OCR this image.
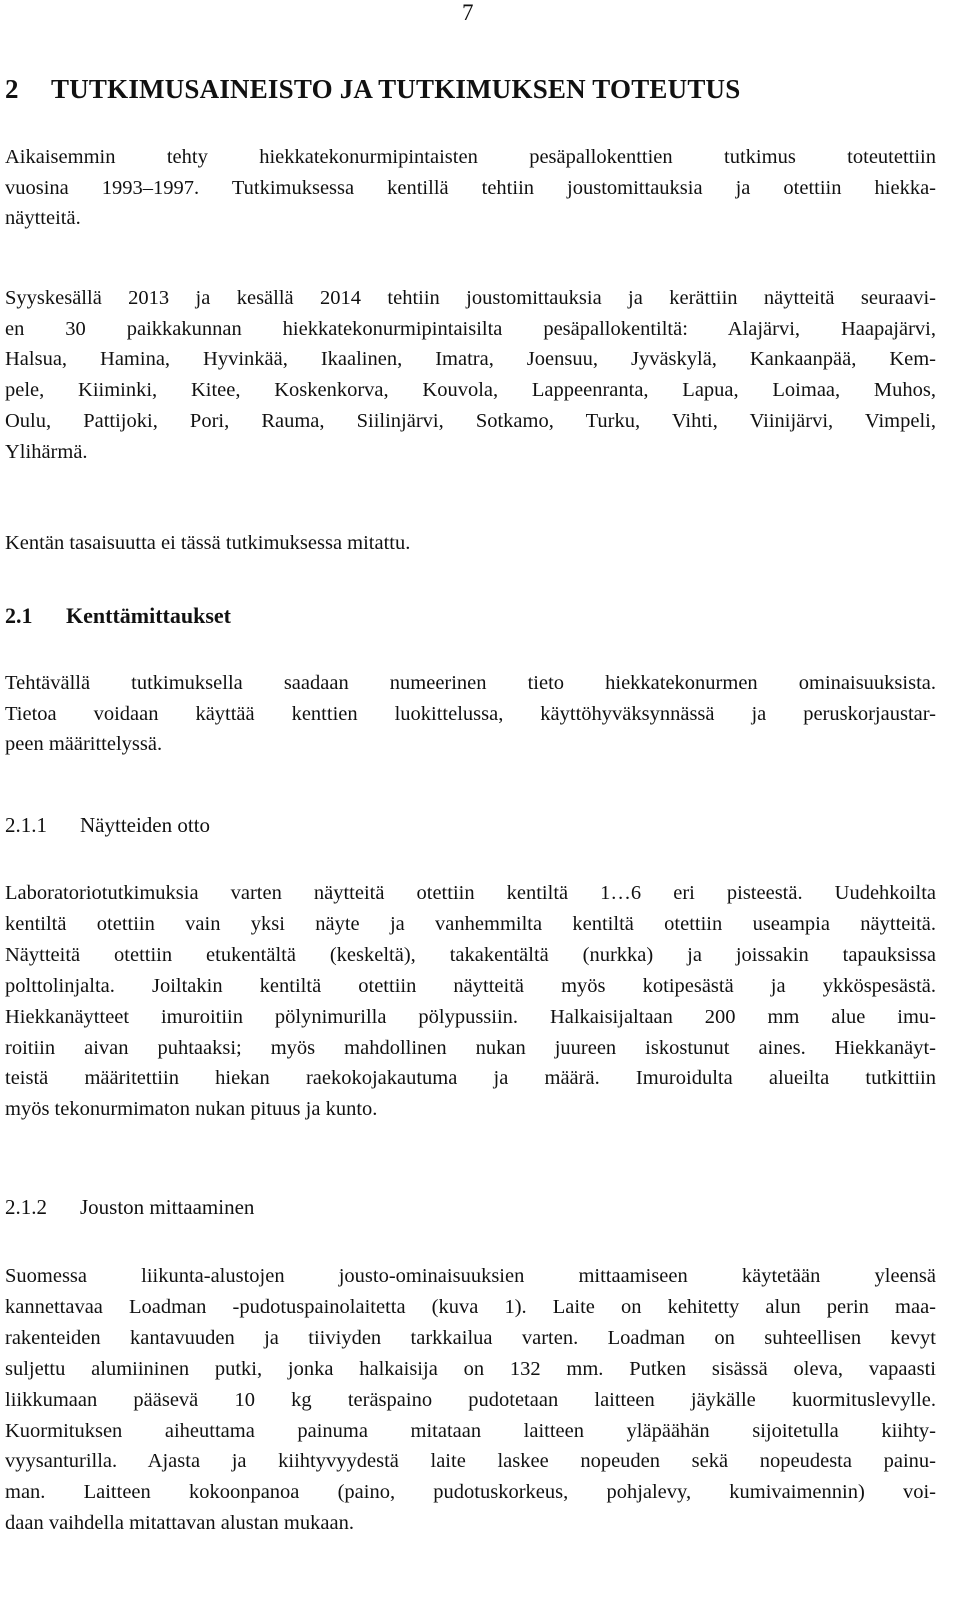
7
2 TUTKIMUSAINEISTO JA TUTKIMUKSEN TOTEUTUS

Aikaisemmin tehty hiekkatekonurmipintaisten pesäpallokenttien tutkimus toteutettiin
vuosina 1993–1997. Tutkimuksessa kentillä tehtiin joustomittauksia ja otettiin hiekka-
näytteitä.

Syyskesällä 2013 ja kesällä 2014 tehtiin joustomittauksia ja kerättiin näytteitä seuraavi-
en 30 paikkakunnan hiekkatekonurmipintaisilta pesäpallokentiltä: Alajärvi, Haapajärvi,
Halsua, Hamina, Hyvinkää, Ikaalinen, Imatra, Joensuu, Jyväskylä, Kankaanpää, Kem-
pele, Kiiminki, Kitee, Koskenkorva, Kouvola, Lappeenranta, Lapua, Loimaa, Muhos,
Oulu, Pattijoki, Pori, Rauma, Siilinjärvi, Sotkamo, Turku, Vihti, Viinijärvi, Vimpeli,
Ylihärmä.

Kentän tasaisuutta ei tässä tutkimuksessa mitattu.

2.1 Kenttämittaukset

Tehtävällä tutkimuksella saadaan numeerinen tieto hiekkatekonurmen ominaisuuksista.
Tietoa voidaan käyttää kenttien luokittelussa, käyttöhyväksynnässä ja peruskorjaustar-
peen määrittelyssä.

2.1.1 Näytteiden otto

Laboratoriotutkimuksia varten näytteitä otettiin kentiltä 1…6 eri pisteestä. Uudehkoilta
kentiltä otettiin vain yksi näyte ja vanhemmilta kentiltä otettiin useampia näytteitä.
Näytteitä otettiin etukentältä (keskeltä), takakentältä (nurkka) ja joissakin tapauksissa
polttolinjalta. Joiltakin kentiltä otettiin näytteitä myös kotipesästä ja ykköspesästä.
Hiekkanäytteet imuroitiin pölynimurilla pölypussiin. Halkaisijaltaan 200 mm alue imu-
roitiin aivan puhtaaksi; myös mahdollinen nukan juureen iskostunut aines. Hiekkanäyt-
teistä määritettiin hiekan raekokojakautuma ja määrä. Imuroidulta alueilta tutkittiin
myös tekonurmimaton nukan pituus ja kunto.

2.1.2 Jouston mittaaminen

Suomessa liikunta-alustojen jousto-ominaisuuksien mittaamiseen käytetään yleensä
kannettavaa Loadman -pudotuspainolaitetta (kuva 1). Laite on kehitetty alun perin maa-
rakenteiden kantavuuden ja tiiviyden tarkkailua varten. Loadman on suhteellisen kevyt
suljettu alumiininen putki, jonka halkaisija on 132 mm. Putken sisässä oleva, vapaasti
liikkumaan pääsevä 10 kg teräspaino pudotetaan laitteen jäykälle kuormituslevylle.
Kuormituksen aiheuttama painuma mitataan laitteen yläpäähän sijoitetulla kiihty-
vyysanturilla. Ajasta ja kiihtyvyydestä laite laskee nopeuden sekä nopeudesta painu-
man. Laitteen kokoonpanoa (paino, pudotuskorkeus, pohjalevy, kumivaimennin) voi-
daan vaihdella mitattavan alustan mukaan.
